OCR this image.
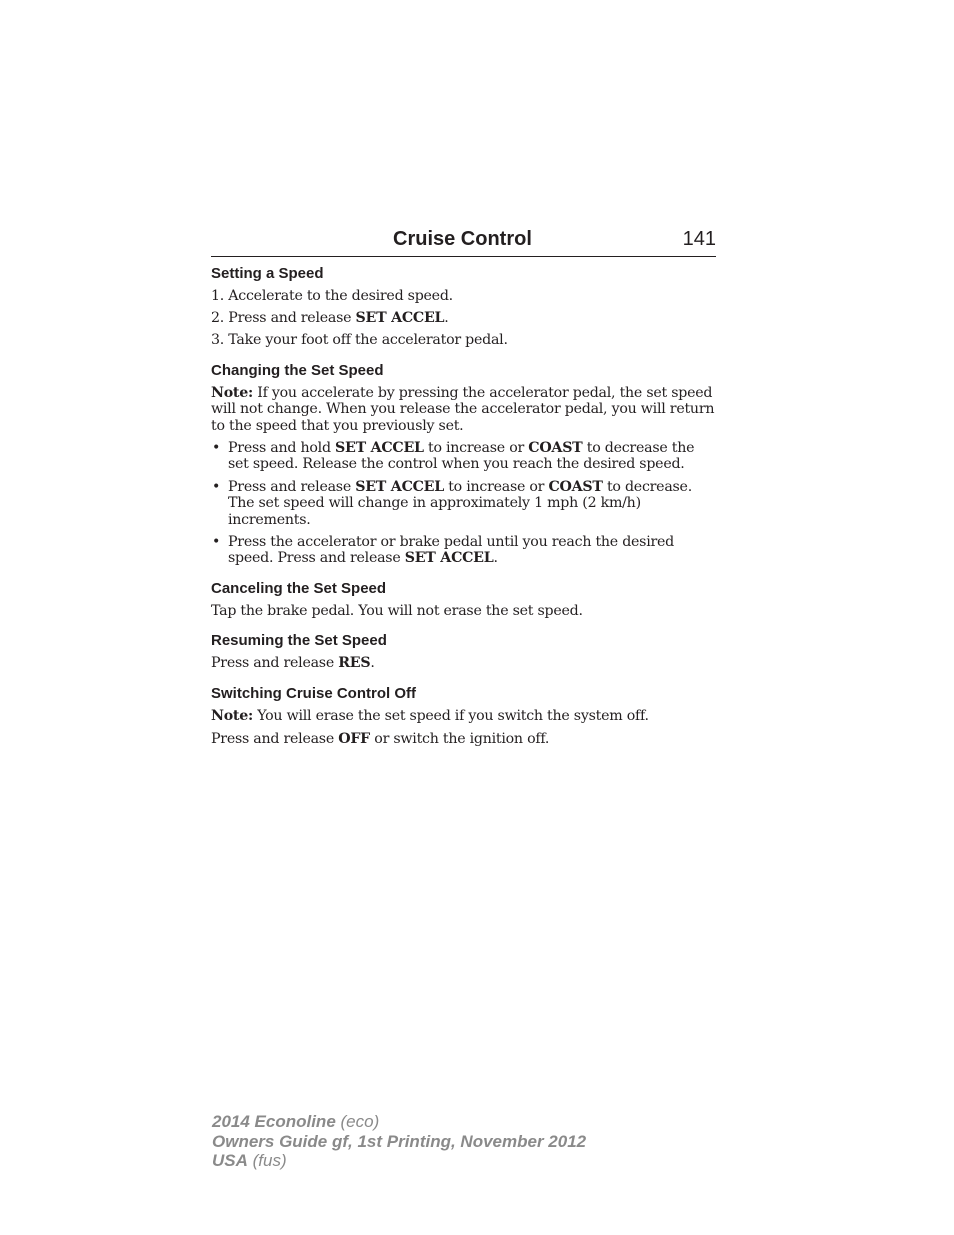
Cruise Control	141
Setting a Speed

1. Accelerate to the desired speed.

2. Press and release SET ACCEL.

3. Take your foot off the accelerator pedal.

Changing the Set Speed

Note: If you accelerate by pressing the accelerator pedal, the set speed will not change. When you release the accelerator pedal, you will return to the speed that you previously set.

• Press and hold SET ACCEL to increase or COAST to decrease the set speed. Release the control when you reach the desired speed.

• Press and release SET ACCEL to increase or COAST to decrease. The set speed will change in approximately 1 mph (2 km/h) increments.

• Press the accelerator or brake pedal until you reach the desired speed. Press and release SET ACCEL.

Canceling the Set Speed

Tap the brake pedal. You will not erase the set speed.

Resuming the Set Speed

Press and release RES.

Switching Cruise Control Off

Note: You will erase the set speed if you switch the system off.

Press and release OFF or switch the ignition off.

2014 Econoline (eco)
Owners Guide gf, 1st Printing, November 2012
USA (fus)
